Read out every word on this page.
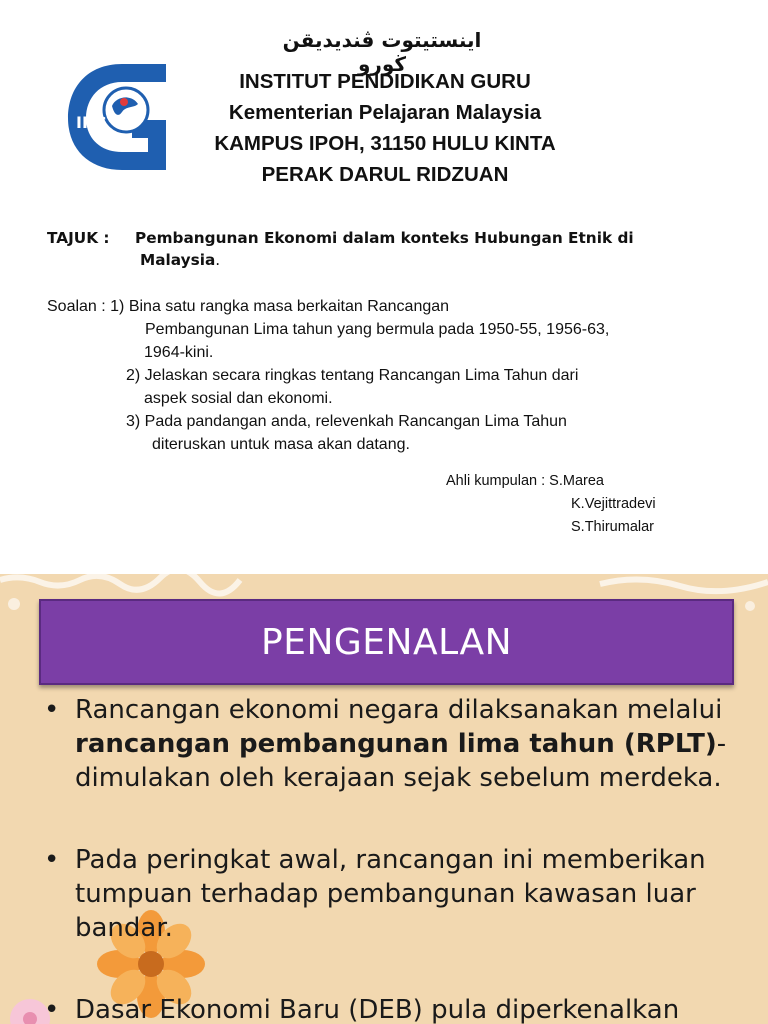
IPG
اينستيتوت ڤنديديقن ڬورو
INSTITUT PENDIDIKAN GURU
Kementerian Pelajaran Malaysia
KAMPUS IPOH, 31150 HULU KINTA
PERAK DARUL RIDZUAN
TAJUK : Pembangunan Ekonomi dalam konteks Hubungan Etnik di
Malaysia.
Soalan : 1) Bina satu rangka masa berkaitan Rancangan
Pembangunan Lima tahun yang bermula pada 1950-55, 1956-63,
1964-kini.
2) Jelaskan secara ringkas tentang Rancangan Lima Tahun dari
aspek sosial dan ekonomi.
3) Pada pandangan anda, relevenkah Rancangan Lima Tahun
diteruskan untuk masa akan datang.
Ahli kumpulan : S.Marea
K.Vejittradevi
S.Thirumalar
PENGENALAN
• Rancangan ekonomi negara dilaksanakan melalui rancangan pembangunan lima tahun (RPLT)-dimulakan oleh kerajaan sejak sebelum merdeka.
• Pada peringkat awal, rancangan ini memberikan tumpuan terhadap pembangunan kawasan luar bandar.
• Dasar Ekonomi Baru (DEB) pula diperkenalkan
